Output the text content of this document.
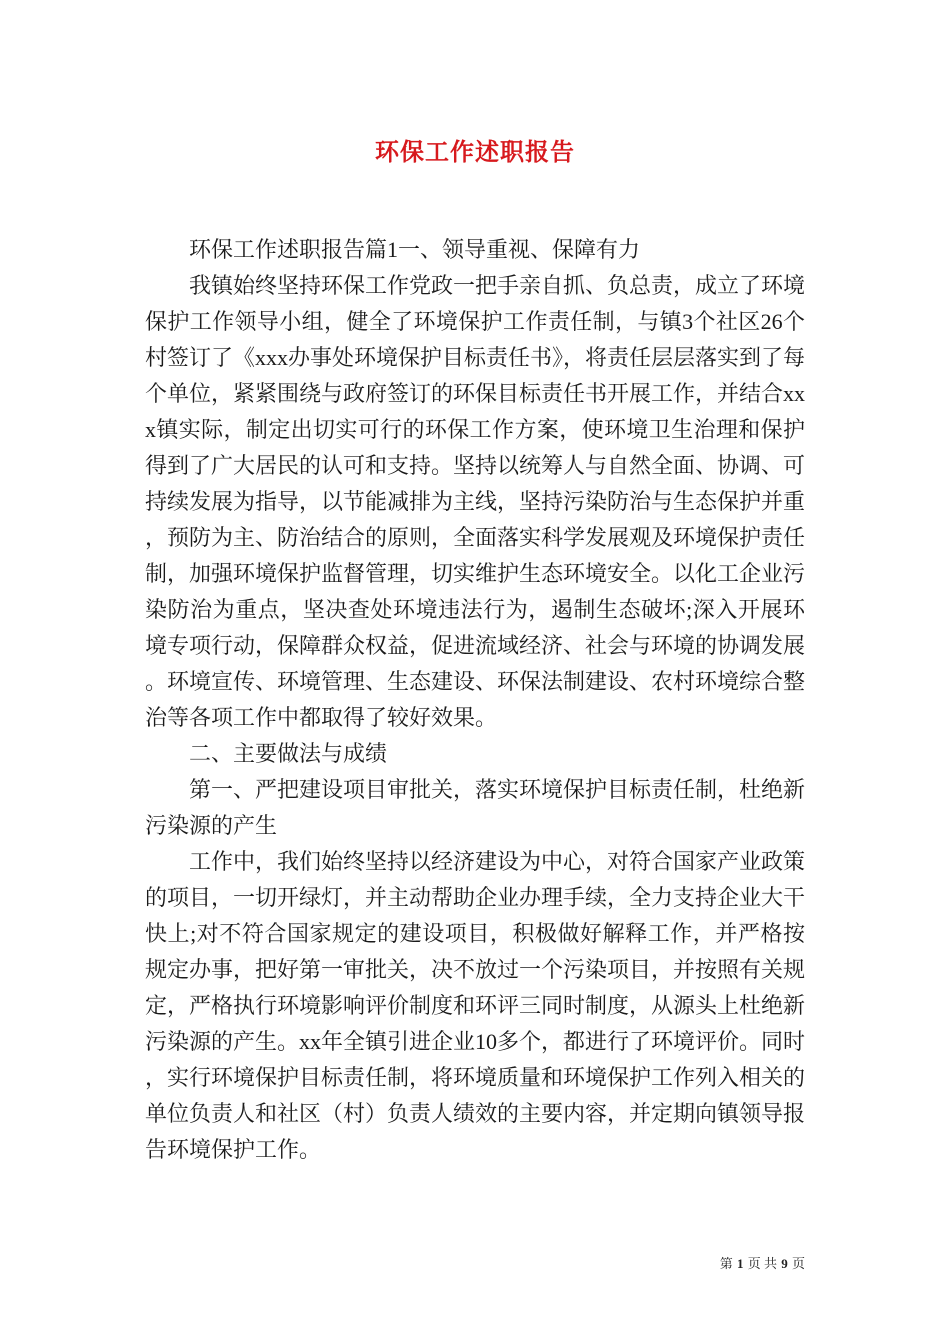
环保工作述职报告

环保工作述职报告篇1一、领导重视、保障有力

我镇始终坚持环保工作党政一把手亲自抓、负总责，成立了环境保护工作领导小组，健全了环境保护工作责任制，与镇3个社区26个村签订了《xxx办事处环境保护目标责任书》，将责任层层落实到了每个单位，紧紧围绕与政府签订的环保目标责任书开展工作，并结合xxx镇实际，制定出切实可行的环保工作方案，使环境卫生治理和保护得到了广大居民的认可和支持。坚持以统筹人与自然全面、协调、可持续发展为指导，以节能减排为主线，坚持污染防治与生态保护并重，预防为主、防治结合的原则，全面落实科学发展观及环境保护责任制，加强环境保护监督管理，切实维护生态环境安全。以化工企业污染防治为重点，坚决查处环境违法行为，遏制生态破坏;深入开展环境专项行动，保障群众权益，促进流域经济、社会与环境的协调发展。环境宣传、环境管理、生态建设、环保法制建设、农村环境综合整治等各项工作中都取得了较好效果。

二、主要做法与成绩

第一、严把建设项目审批关，落实环境保护目标责任制，杜绝新污染源的产生

工作中，我们始终坚持以经济建设为中心，对符合国家产业政策的项目，一切开绿灯，并主动帮助企业办理手续，全力支持企业大干快上;对不符合国家规定的建设项目，积极做好解释工作，并严格按规定办事，把好第一审批关，决不放过一个污染项目，并按照有关规定，严格执行环境影响评价制度和环评三同时制度，从源头上杜绝新污染源的产生。xx年全镇引进企业10多个，都进行了环境评价。同时，实行环境保护目标责任制，将环境质量和环境保护工作列入相关的单位负责人和社区（村）负责人绩效的主要内容，并定期向镇领导报告环境保护工作。

第 1 页 共 9 页
